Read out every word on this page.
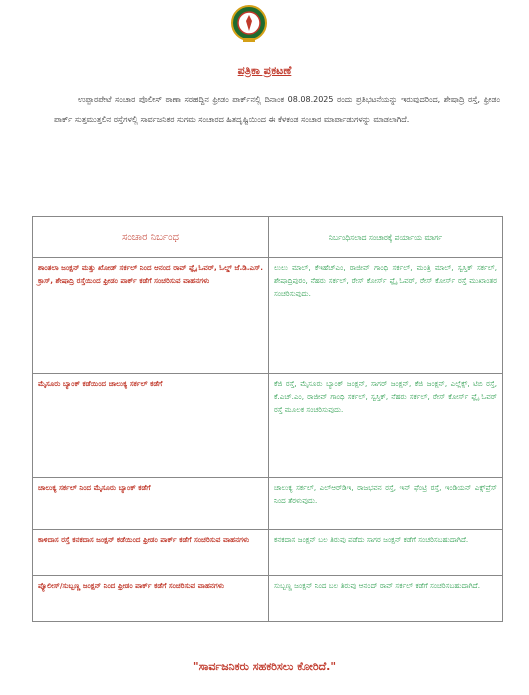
ಪತ್ರಿಕಾ ಪ್ರಕಟಣೆ
ಉಪ್ಪಾರಪೇಟೆ ಸಂಚಾರ ಪೊಲೀಸ್ ಠಾಣಾ ಸರಹದ್ದಿನ ಫ್ರೀಡಂ ಪಾರ್ಕ್‌ನಲ್ಲಿ ದಿನಾಂಕ 08.08.2025 ರಂದು ಪ್ರತಿಭಟನೆಯನ್ನು ಇರುವುದರಿಂದ, ಶೇಷಾದ್ರಿ ರಸ್ತೆ, ಫ್ರೀಡಂ ಪಾರ್ಕ್ ಸುತ್ತಮುತ್ತಲಿನ ರಸ್ತೆಗಳಲ್ಲಿ ಸಾರ್ವಜನಿಕರ ಸುಗಮ ಸಂಚಾರದ ಹಿತದೃಷ್ಟಿಯಿಂದ ಈ ಕೆಳಕಂಡ ಸಂಚಾರ ಮಾರ್ಪಾಡುಗಳನ್ನು ಮಾಡಲಾಗಿದೆ.
ಸಂಚಾರ ನಿರ್ಬಂಧ	ನಿರ್ಬಂಧಿಸಲಾದ ಸಂಚಾರಕ್ಕೆ ಪರ್ಯಾಯ ಮಾರ್ಗ
ಶಾಂತಲಾ ಜಂಕ್ಷನ್ ಮತ್ತು ಖೋಡ್ ಸರ್ಕಲ್ ನಿಂದ ಆನಂದ ರಾವ್ ಫ್ಲೈ ಓವರ್, ಓಲ್ಡ್ ಜೆ.ಡಿ.ಎಸ್. ಕ್ರಾಸ್, ಶೇಷಾದ್ರಿ ರಸ್ತೆಯಿಂದ ಫ್ರೀಡಂ ಪಾರ್ಕ್ ಕಡೆಗೆ ಸಂಚರಿಸುವ ವಾಹನಗಳು	ಲುಲು ಮಾಲ್, ಕೆಇಹೆಚ್‌ಎಂ, ರಾಜೀವ್ ಗಾಂಧಿ ಸರ್ಕಲ್, ಮಂತ್ರಿ ಮಾಲ್, ಸ್ವಸ್ತಿಕ್ ಸರ್ಕಲ್, ಶೇಷಾದ್ರಿಪುರಂ, ನೆಹರು ಸರ್ಕಲ್, ರೇಸ್ ಕೋರ್ಸ್ ಫ್ಲೈ ಓವರ್, ರೇಸ್ ಕೋರ್ಸ್ ರಸ್ತೆ ಮುಖಾಂತರ ಸಂಚರಿಸುವುದು.
ಮೈಸೂರು ಬ್ಯಾಂಕ್ ಕಡೆಯಿಂದ ಚಾಲುಕ್ಯ ಸರ್ಕಲ್ ಕಡೆಗೆ	ಕೆಜಿ ರಸ್ತೆ, ಮೈಸೂರು ಬ್ಯಾಂಕ್ ಜಂಕ್ಷನ್, ಸಾಗರ್ ಜಂಕ್ಷನ್, ಕೆಜಿ ಜಂಕ್ಷನ್, ಎಲ್ಲೆಕ್ಸ್, ಟಿಬಿ ರಸ್ತೆ, ಕೆ.ಎಚ್.ಎಂ, ರಾಜೀವ್ ಗಾಂಧಿ ಸರ್ಕಲ್, ಸ್ವಸ್ತಿಕ್, ನೆಹರು ಸರ್ಕಲ್, ರೇಸ್ ಕೋರ್ಸ್ ಫ್ಲೈ ಓವರ್ ರಸ್ತೆ ಮೂಲಕ ಸಂಚರಿಸುವುದು.
ಚಾಲುಕ್ಯ ಸರ್ಕಲ್ ನಿಂದ ಮೈಸೂರು ಬ್ಯಾಂಕ್ ಕಡೆಗೆ	ಚಾಲುಕ್ಯ ಸರ್ಕಲ್, ಎಲ್‌ಆರ್‌ಡಿಇ, ರಾಜಭವನ ರಸ್ತೆ, ಇನ್ ಫೆಂಟ್ರಿ ರಸ್ತೆ, ಇಂಡಿಯನ್ ಎಕ್ಸ್‌ಪ್ರೆಸ್ ನಿಂದ ತೆರಳುವುದು.
ಕಾಳಿದಾಸ ರಸ್ತೆ ಕನಕದಾಸ ಜಂಕ್ಷನ್ ಕಡೆಯಿಂದ ಫ್ರೀಡಂ ಪಾರ್ಕ್ ಕಡೆಗೆ ಸಂಚರಿಸುವ ವಾಹನಗಳು	ಕನಕದಾಸ ಜಂಕ್ಷನ್ ಬಲ ತಿರುವು ಪಡೆದು ಸಾಗರ ಜಂಕ್ಷನ್ ಕಡೆಗೆ ಸಂಚರಿಸಬಹುದಾಗಿದೆ.
ಪ್ಯೊಲೀಸ್/ಸುಬ್ಬಣ್ಣ ಜಂಕ್ಷನ್ ನಿಂದ ಫ್ರೀಡಂ ಪಾರ್ಕ್ ಕಡೆಗೆ ಸಂಚರಿಸುವ ವಾಹನಗಳು	ಸುಬ್ಬಣ್ಣ ಜಂಕ್ಷನ್ ನಿಂದ ಬಲ ತಿರುವು ಆನಂದ್ ರಾವ್ ಸರ್ಕಲ್ ಕಡೆಗೆ ಸಂಚರಿಸಬಹುದಾಗಿದೆ.
"ಸಾರ್ವಜನಿಕರು ಸಹಕರಿಸಲು ಕೋರಿದೆ."
